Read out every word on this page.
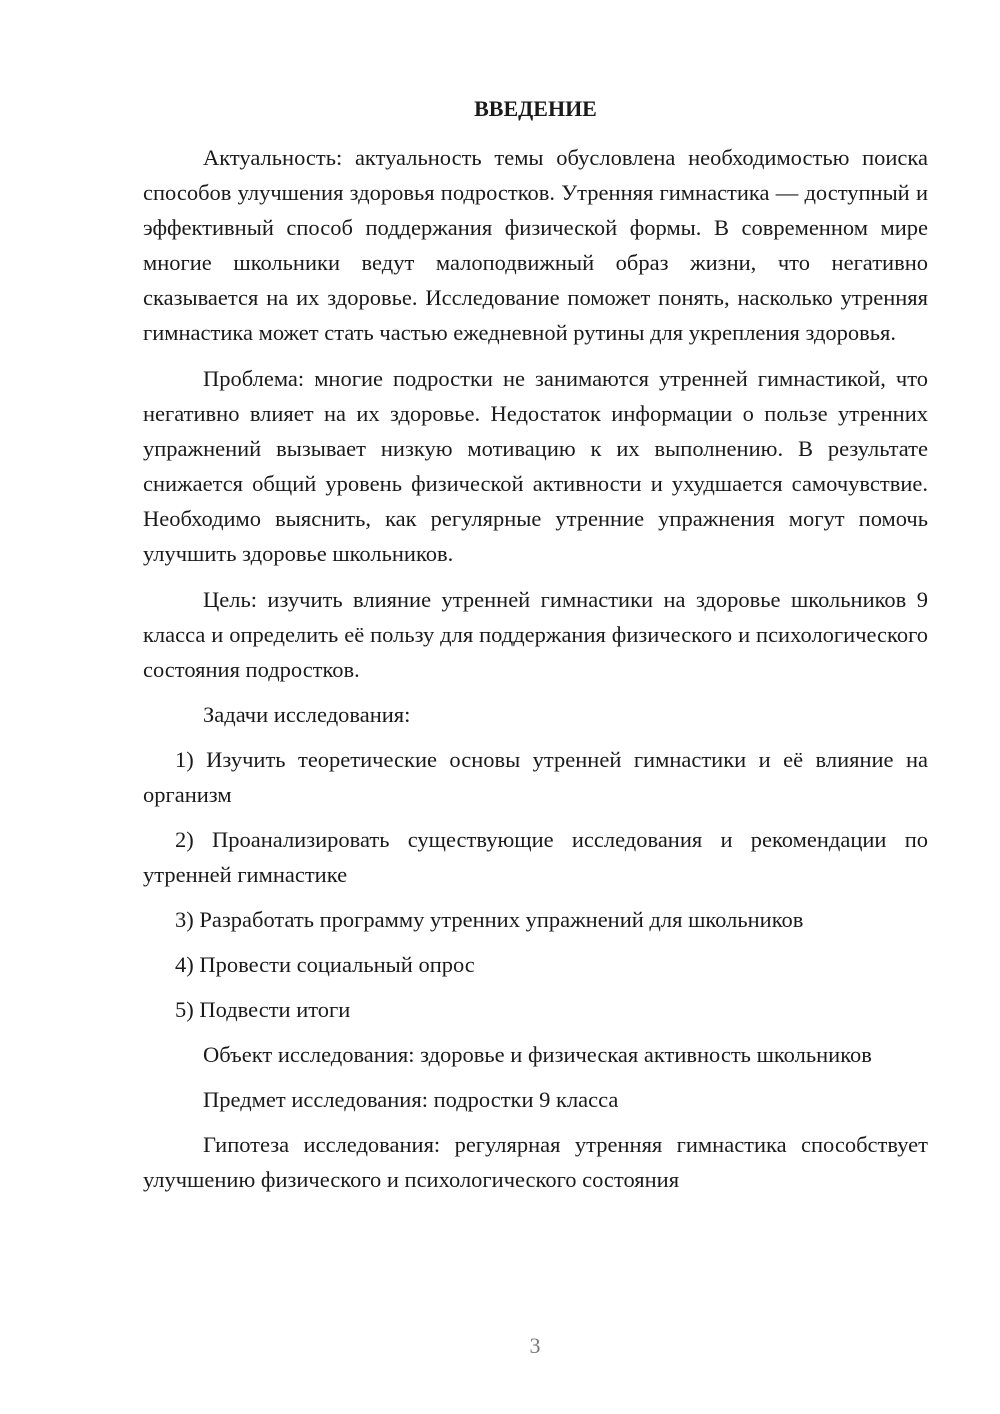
ВВЕДЕНИЕ

Актуальность: актуальность темы обусловлена необходимостью поиска способов улучшения здоровья подростков. Утренняя гимнастика — доступный и эффективный способ поддержания физической формы. В современном мире многие школьники ведут малоподвижный образ жизни, что негативно сказывается на их здоровье. Исследование поможет понять, насколько утренняя гимнастика может стать частью ежедневной рутины для укрепления здоровья.

Проблема: многие подростки не занимаются утренней гимнастикой, что негативно влияет на их здоровье. Недостаток информации о пользе утренних упражнений вызывает низкую мотивацию к их выполнению. В результате снижается общий уровень физической активности и ухудшается самочувствие. Необходимо выяснить, как регулярные утренние упражнения могут помочь улучшить здоровье школьников.

Цель: изучить влияние утренней гимнастики на здоровье школьников 9 класса и определить её пользу для поддержания физического и психологического состояния подростков.

Задачи исследования:

1) Изучить теоретические основы утренней гимнастики и её влияние на организм

2) Проанализировать существующие исследования и рекомендации по утренней гимнастике

3) Разработать программу утренних упражнений для школьников

4) Провести социальный опрос

5) Подвести итоги

Объект исследования: здоровье и физическая активность школьников

Предмет исследования: подростки 9 класса

Гипотеза исследования: регулярная утренняя гимнастика способствует улучшению физического и психологического состояния

3
